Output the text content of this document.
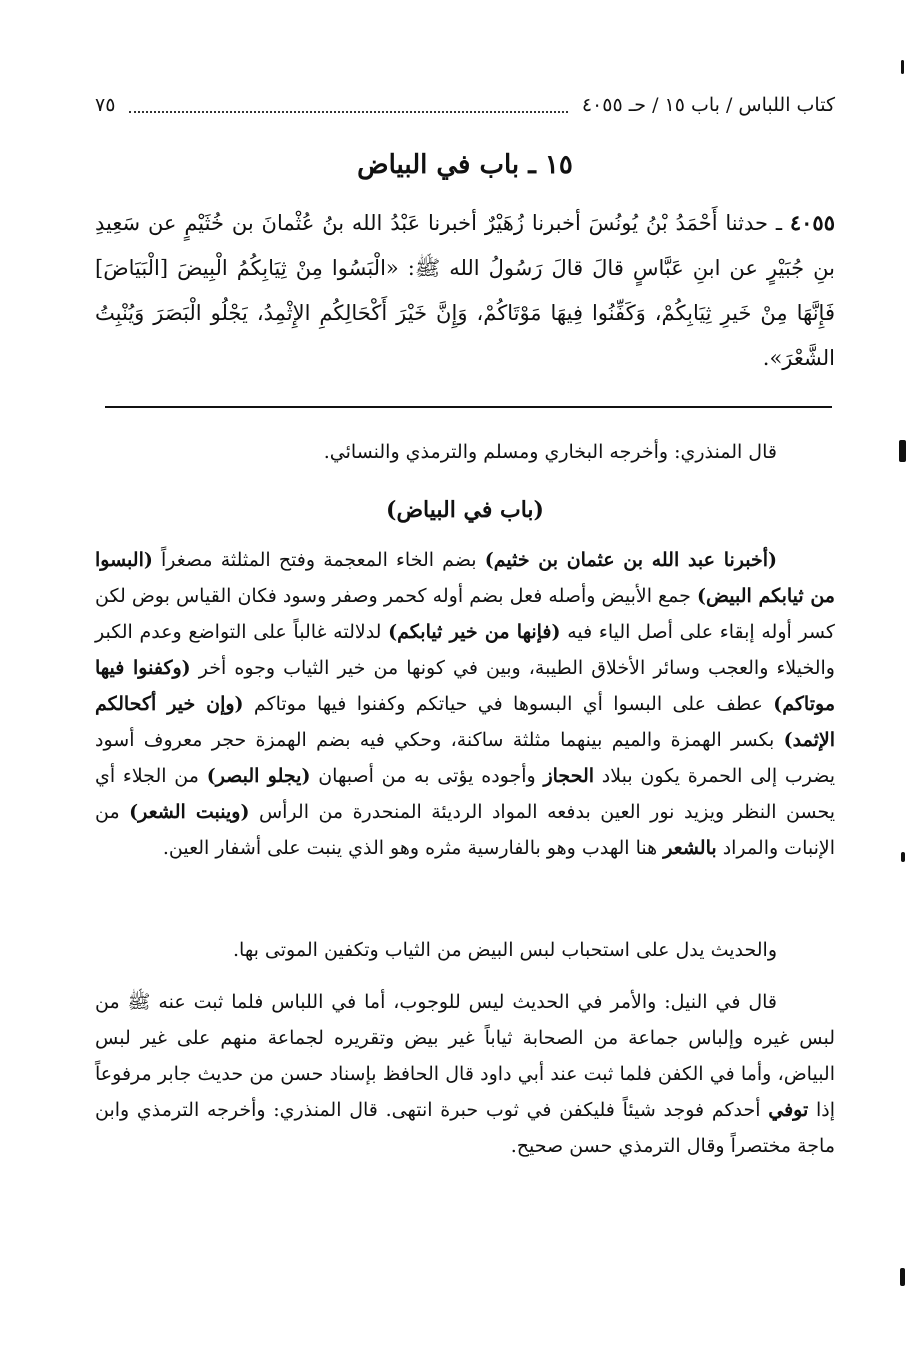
كتاب اللباس / باب ١٥ / حـ ٤٠٥٥
٧٥
١٥ ـ باب في البياض
٤٠٥٥ ـ حدثنا أَحْمَدُ بْنُ يُونُسَ أخبرنا زُهَيْرٌ أخبرنا عَبْدُ الله بنُ عُثْمانَ بن خُثَيْمٍ عن سَعِيدِ بنِ جُبَيْرٍ عن ابنِ عَبَّاسٍ قالَ قالَ رَسُولُ الله ﷺ: «الْبَسُوا مِنْ ثِيَابِكُمُ الْبِيضَ [الْبَيَاضَ] فَإِنَّهَا مِنْ خَيرِ ثِيَابِكُمْ، وَكَفِّنُوا فِيهَا مَوْتَاكُمْ، وَإِنَّ خَيْرَ أَكْحَالِكُمِ الإِثْمِدُ، يَجْلُو الْبَصَرَ وَيُنْبِتُ الشَّعْرَ».
قال المنذري: وأخرجه البخاري ومسلم والترمذي والنسائي.
(باب في البياض)
(أخبرنا عبد الله بن عثمان بن خثيم) بضم الخاء المعجمة وفتح المثلثة مصغراً (البسوا من ثيابكم البيض) جمع الأبيض وأصله فعل بضم أوله كحمر وصفر وسود فكان القياس بوض لكن كسر أوله إبقاء على أصل الياء فيه (فإنها من خير ثيابكم) لدلالته غالباً على التواضع وعدم الكبر والخيلاء والعجب وسائر الأخلاق الطيبة، وبين في كونها من خير الثياب وجوه أخر (وكفنوا فيها موتاكم) عطف على البسوا أي البسوها في حياتكم وكفنوا فيها موتاكم (وإن خير أكحالكم الإثمد) بكسر الهمزة والميم بينهما مثلثة ساكنة، وحكي فيه بضم الهمزة حجر معروف أسود يضرب إلى الحمرة يكون ببلاد الحجاز وأجوده يؤتى به من أصبهان (يجلو البصر) من الجلاء أي يحسن النظر ويزيد نور العين بدفعه المواد الرديئة المنحدرة من الرأس (وينبت الشعر) من الإنبات والمراد بالشعر هنا الهدب وهو بالفارسية مثره وهو الذي ينبت على أشفار العين.
والحديث يدل على استحباب لبس البيض من الثياب وتكفين الموتى بها.
قال في النيل: والأمر في الحديث ليس للوجوب، أما في اللباس فلما ثبت عنه ﷺ من لبس غيره وإلباس جماعة من الصحابة ثياباً غير بيض وتقريره لجماعة منهم على غير لبس البياض، وأما في الكفن فلما ثبت عند أبي داود قال الحافظ بإسناد حسن من حديث جابر مرفوعاً إذا توفي أحدكم فوجد شيئاً فليكفن في ثوب حبرة انتهى. قال المنذري: وأخرجه الترمذي وابن ماجة مختصراً وقال الترمذي حسن صحيح.
